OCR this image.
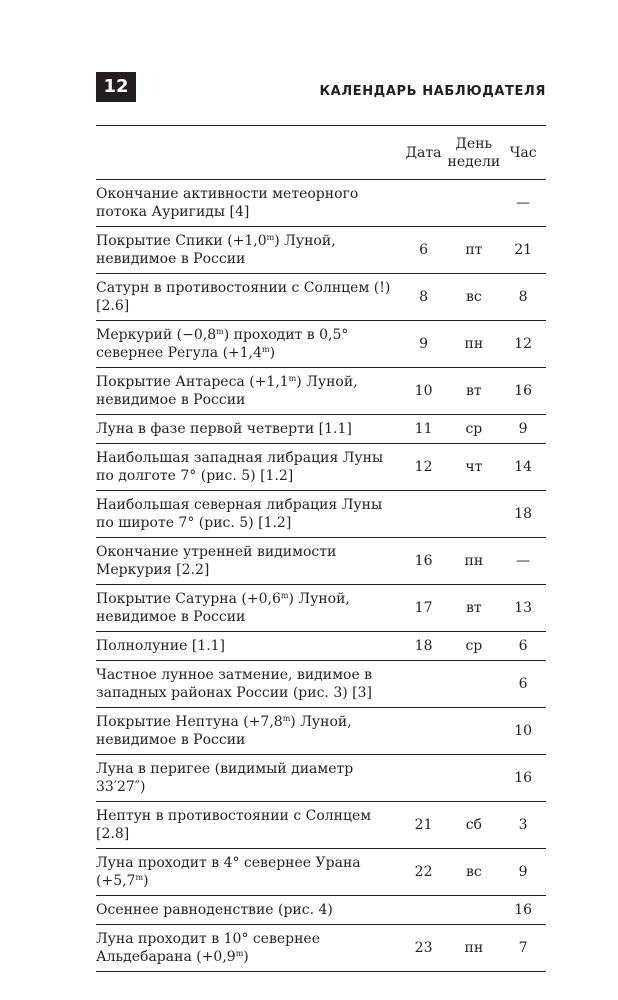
12	КАЛЕНДАРЬ НАБЛЮДАТЕЛЯ
	Дата	День недели	Час
Окончание активности метеорного потока Ауригиды [4]			—
Покрытие Спики $(+1,0^m)$ Луной, невидимое в России	6	пт	21
Сатурн в противостоянии с Солнцем (!) [2.6]	8	вс	8
Меркурий $(-0,8^m)$ проходит в 0,5° севернее Регула $(+1,4^m)$	9	пн	12
Покрытие Антареса $(+1,1^m)$ Луной, невидимое в России	10	вт	16
Луна в фазе первой четверти [1.1]	11	ср	9
Наибольшая западная либрация Луны по долготе 7° (рис. 5) [1.2]	12	чт	14
Наибольшая северная либрация Луны по широте 7° (рис. 5) [1.2]			18
Окончание утренней видимости Меркурия [2.2]	16	пн	—
Покрытие Сатурна $(+0,6^m)$ Луной, невидимое в России	17	вт	13
Полнолуние [1.1]	18	ср	6
Частное лунное затмение, видимое в западных районах России (рис. 3) [3]			6
Покрытие Нептуна $(+7,8^m)$ Луной, невидимое в России			10
Луна в перигее (видимый диаметр 33′27″)			16
Нептун в противостоянии с Солнцем [2.8]	21	сб	3
Луна проходит в 4° севернее Урана $(+5,7^m)$	22	вс	9
Осеннее равноденствие (рис. 4)			16
Луна проходит в 10° севернее Альдебарана $(+0,9^m)$	23	пн	7
